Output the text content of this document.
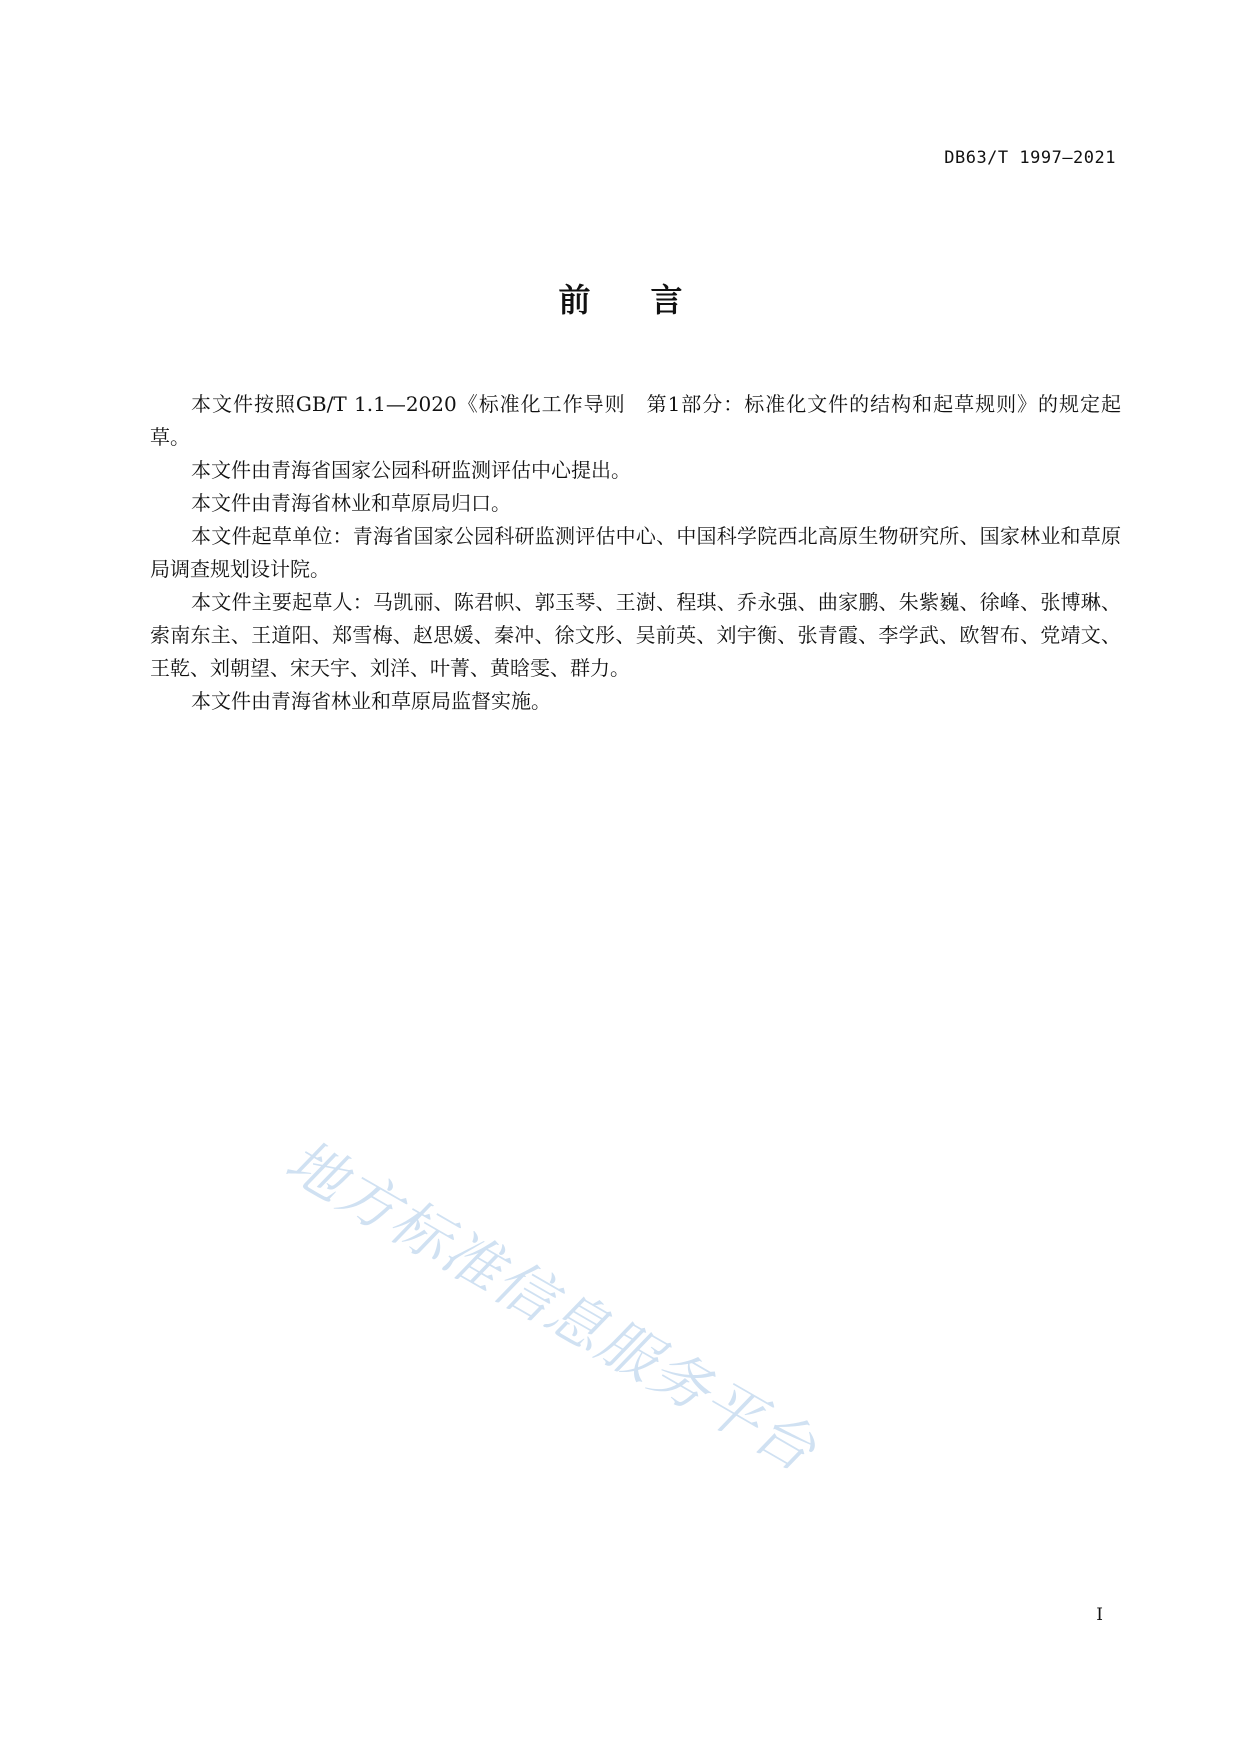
DB63/T 1997—2021
前言

本文件按照GB/T 1.1—2020《标准化工作导则　第1部分：标准化文件的结构和起草规则》的规定起草。

本文件由青海省国家公园科研监测评估中心提出。

本文件由青海省林业和草原局归口。

本文件起草单位：青海省国家公园科研监测评估中心、中国科学院西北高原生物研究所、国家林业和草原局调查规划设计院。

本文件主要起草人：马凯丽、陈君帜、郭玉琴、王澍、程琪、乔永强、曲家鹏、朱紫巍、徐峰、张博琳、索南东主、王道阳、郑雪梅、赵思媛、秦冲、徐文彤、吴前英、刘宇衡、张青霞、李学武、欧智布、党靖文、王乾、刘朝望、宋天宇、刘洋、叶菁、黄晗雯、群力。

本文件由青海省林业和草原局监督实施。

地方标准信息服务平台
I
